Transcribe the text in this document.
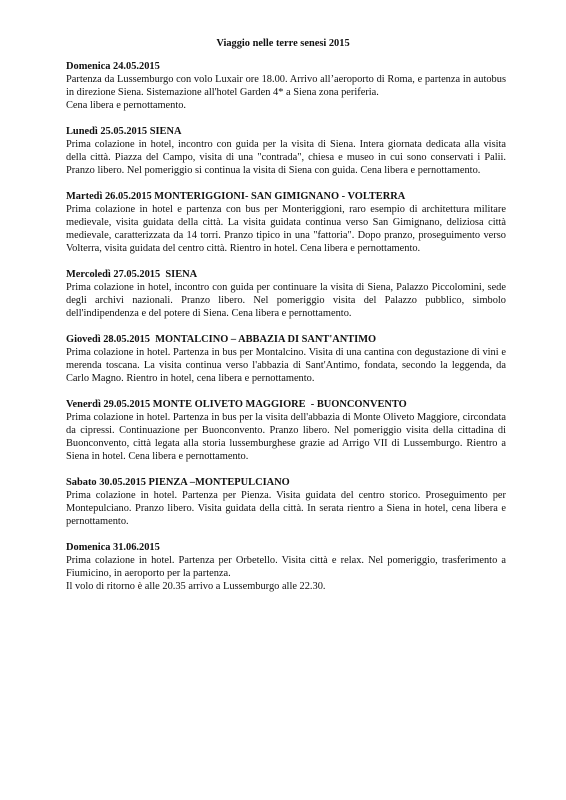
Viaggio nelle terre senesi 2015
Domenica 24.05.2015

Partenza da Lussemburgo con volo Luxair ore 18.00. Arrivo all’aeroporto di Roma, e partenza in autobus in direzione Siena. Sistemazione all'hotel Garden 4* a Siena zona periferia.

Cena libera e pernottamento.

Lunedì 25.05.2015 SIENA

Prima colazione in hotel, incontro con guida per la visita di Siena. Intera giornata dedicata alla visita della città. Piazza del Campo, visita di una "contrada", chiesa e museo in cui sono conservati i Palii. Pranzo libero. Nel pomeriggio si continua la visita di Siena con guida. Cena libera e pernottamento.

Martedì 26.05.2015 MONTERIGGIONI- SAN GIMIGNANO - VOLTERRA

Prima colazione in hotel e partenza con bus per Monteriggioni, raro esempio di architettura militare medievale, visita guidata della città. La visita guidata continua verso San Gimignano, deliziosa città medievale, caratterizzata da 14 torri. Pranzo tipico in una "fattoria". Dopo pranzo, proseguimento verso Volterra, visita guidata del centro città. Rientro in hotel. Cena libera e pernottamento.

Mercoledì 27.05.2015  SIENA

Prima colazione in hotel, incontro con guida per continuare la visita di Siena, Palazzo Piccolomini, sede degli archivi nazionali. Pranzo libero. Nel pomeriggio visita del Palazzo pubblico, simbolo dell'indipendenza e del potere di Siena. Cena libera e pernottamento.

Giovedì 28.05.2015  MONTALCINO – ABBAZIA DI SANT'ANTIMO

Prima colazione in hotel. Partenza in bus per Montalcino. Visita di una cantina con degustazione di vini e merenda toscana. La visita continua verso l'abbazia di Sant'Antimo, fondata, secondo la leggenda, da Carlo Magno. Rientro in hotel, cena libera e pernottamento.

Venerdì 29.05.2015 MONTE OLIVETO MAGGIORE  - BUONCONVENTO

Prima colazione in hotel. Partenza in bus per la visita dell'abbazia di Monte Oliveto Maggiore, circondata da cipressi. Continuazione per Buonconvento. Pranzo libero. Nel pomeriggio visita della cittadina di Buonconvento, città legata alla storia lussemburghese grazie ad Arrigo VII di Lussemburgo. Rientro a Siena in hotel. Cena libera e pernottamento.

Sabato 30.05.2015 PIENZA –MONTEPULCIANO

Prima colazione in hotel. Partenza per Pienza. Visita guidata del centro storico. Proseguimento per Montepulciano. Pranzo libero. Visita guidata della città. In serata rientro a Siena in hotel, cena libera e pernottamento.

Domenica 31.06.2015

Prima colazione in hotel. Partenza per Orbetello. Visita città e relax. Nel pomeriggio, trasferimento a Fiumicino, in aeroporto per la partenza.

Il volo di ritorno è alle 20.35 arrivo a Lussemburgo alle 22.30.
